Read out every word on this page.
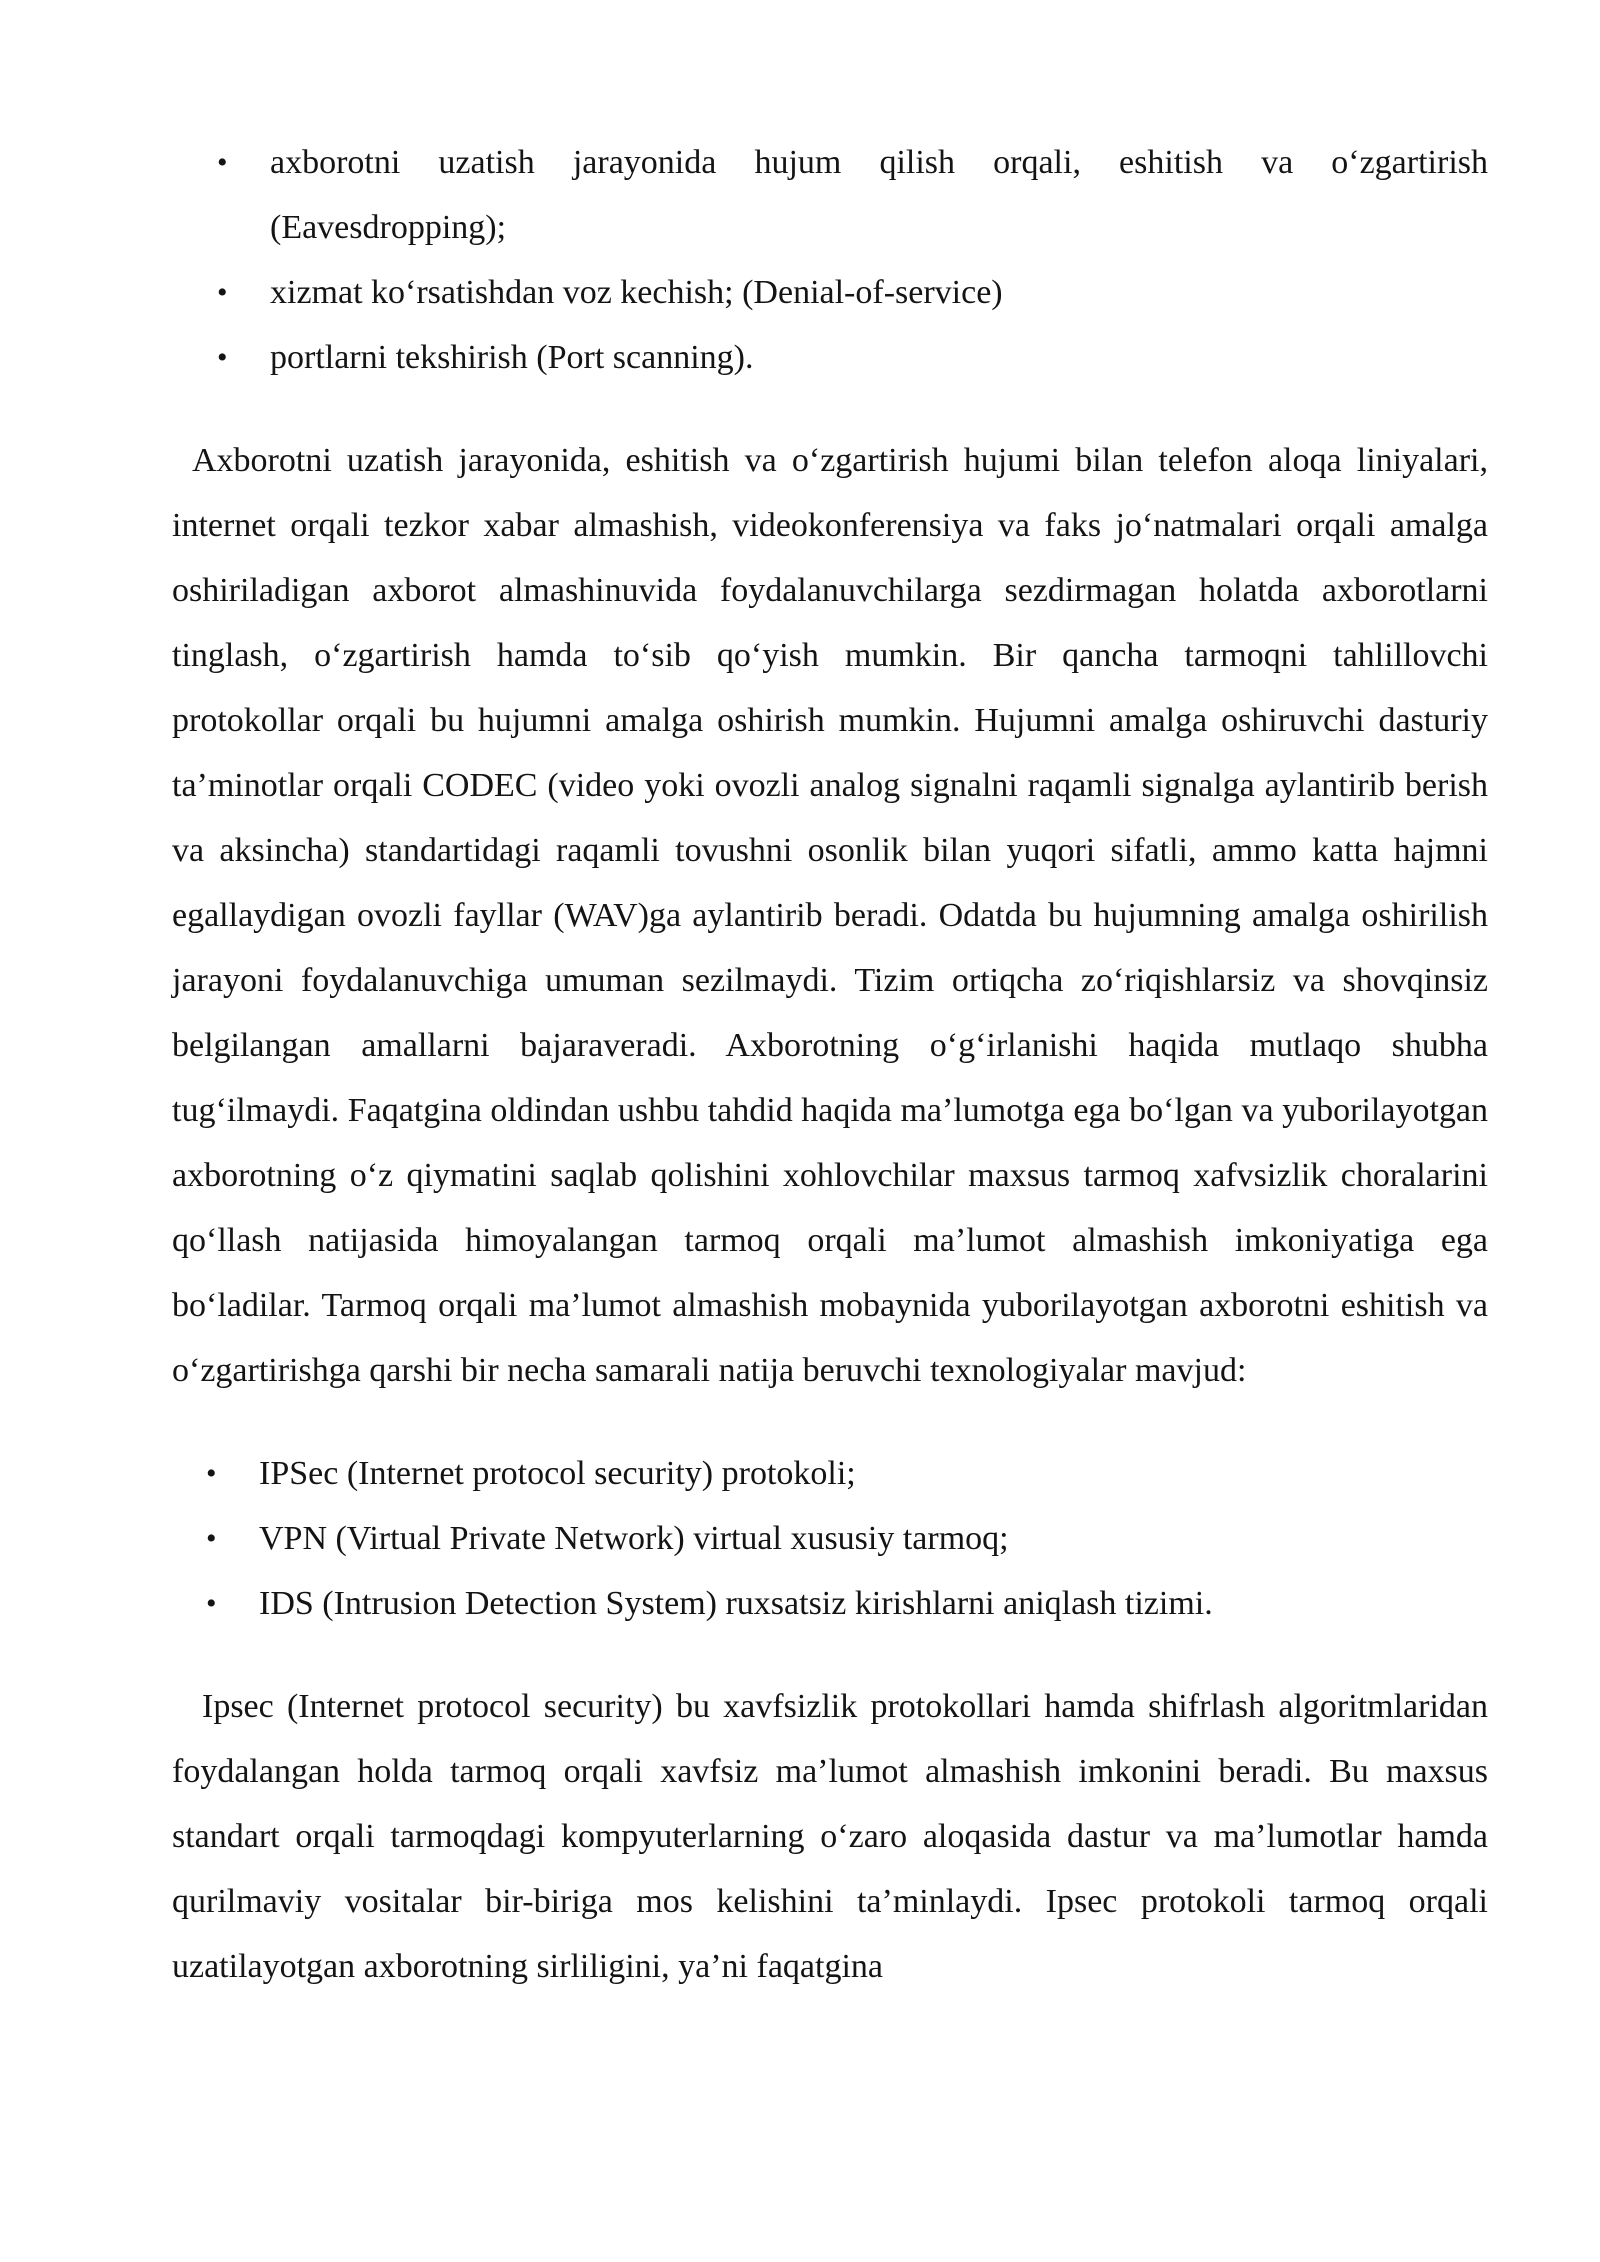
• axborotni uzatish jarayonida hujum qilish orqali, eshitish va o‘zgartirish (Eavesdropping);
• xizmat ko‘rsatishdan voz kechish; (Denial-of-service)
• portlarni tekshirish (Port scanning).

Axborotni uzatish jarayonida, eshitish va o‘zgartirish hujumi bilan telefon aloqa liniyalari, internet orqali tezkor xabar almashish, videokonferensiya va faks jo‘natmalari orqali amalga oshiriladigan axborot almashinuvida foydalanuvchilarga sezdirmagan holatda axborotlarni tinglash, o‘zgartirish hamda to‘sib qo‘yish mumkin. Bir qancha tarmoqni tahlillovchi protokollar orqali bu hujumni amalga oshirish mumkin. Hujumni amalga oshiruvchi dasturiy ta’minotlar orqali CODEC (video yoki ovozli analog signalni raqamli signalga aylantirib berish va aksincha) standartidagi raqamli tovushni osonlik bilan yuqori sifatli, ammo katta hajmni egallaydigan ovozli fayllar (WAV)ga aylantirib beradi. Odatda bu hujumning amalga oshirilish jarayoni foydalanuvchiga umuman sezilmaydi. Tizim ortiqcha zo‘riqishlarsiz va shovqinsiz belgilangan amallarni bajaraveradi. Axborotning o‘g‘irlanishi haqida mutlaqo shubha tug‘ilmaydi. Faqatgina oldindan ushbu tahdid haqida ma’lumotga ega bo‘lgan va yuborilayotgan axborotning o‘z qiymatini saqlab qolishini xohlovchilar maxsus tarmoq xafvsizlik choralarini qo‘llash natijasida himoyalangan tarmoq orqali ma’lumot almashish imkoniyatiga ega bo‘ladilar. Tarmoq orqali ma’lumot almashish mobaynida yuborilayotgan axborotni eshitish va o‘zgartirishga qarshi bir necha samarali natija beruvchi texnologiyalar mavjud:

• IPSec (Internet protocol security) protokoli;
• VPN (Virtual Private Network) virtual xususiy tarmoq;
• IDS (Intrusion Detection System) ruxsatsiz kirishlarni aniqlash tizimi.

Ipsec (Internet protocol security) bu xavfsizlik protokollari hamda shifrlash algoritmlaridan foydalangan holda tarmoq orqali xavfsiz ma’lumot almashish imkonini beradi. Bu maxsus standart orqali tarmoqdagi kompyuterlarning o‘zaro aloqasida dastur va ma’lumotlar hamda qurilmaviy vositalar bir-biriga mos kelishini ta’minlaydi. Ipsec protokoli tarmoq orqali uzatilayotgan axborotning sirliligini, ya’ni faqatgina
